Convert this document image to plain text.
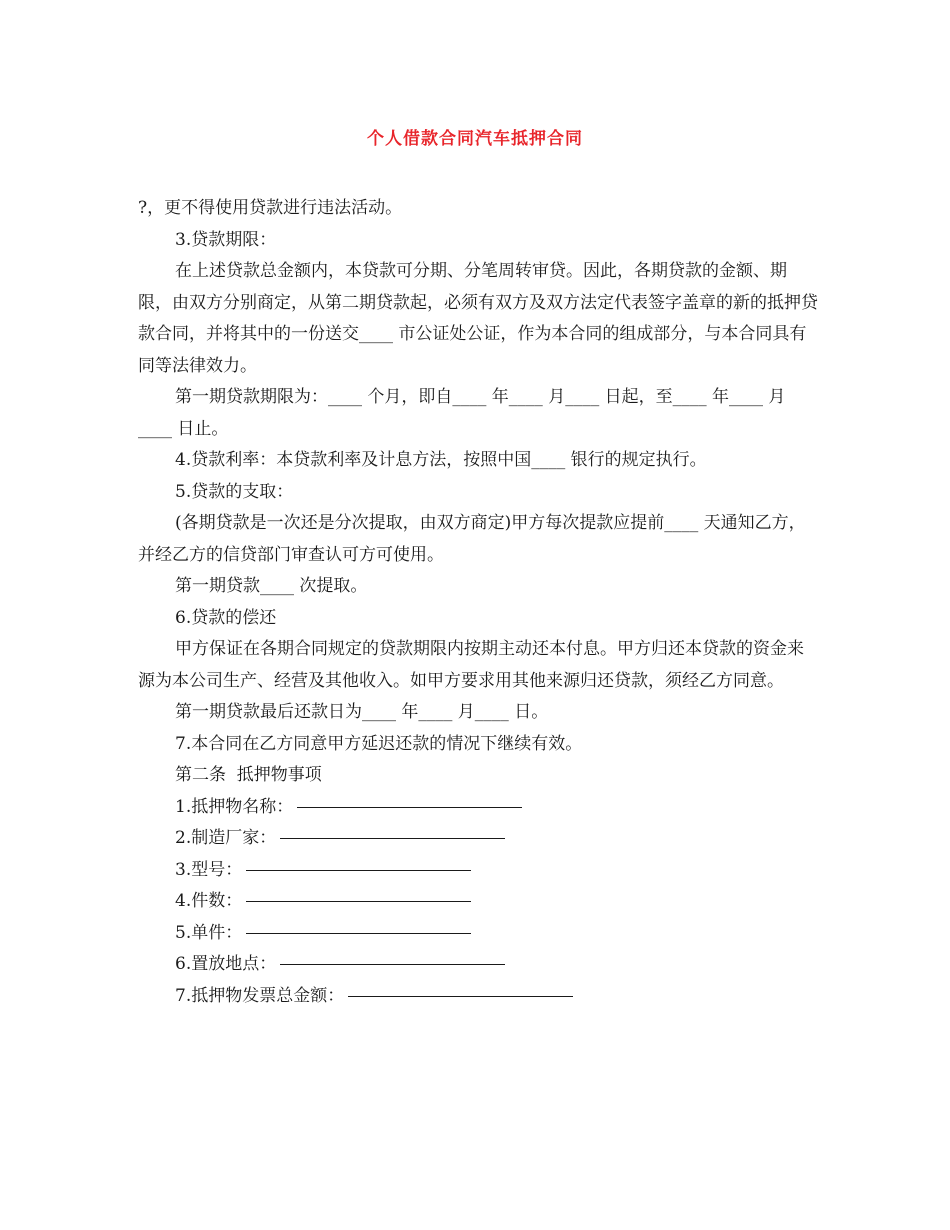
个人借款合同汽车抵押合同

?，更不得使用贷款进行违法活动。

3.贷款期限：

在上述贷款总金额内，本贷款可分期、分笔周转审贷。因此，各期贷款的金额、期限，由双方分别商定，从第二期贷款起，必须有双方及双方法定代表签字盖章的新的抵押贷款合同，并将其中的一份送交____ 市公证处公证，作为本合同的组成部分，与本合同具有同等法律效力。

第一期贷款期限为：____ 个月，即自____ 年____ 月____ 日起，至____ 年____ 月____ 日止。

4.贷款利率：本贷款利率及计息方法，按照中国____ 银行的规定执行。

5.贷款的支取：

(各期贷款是一次还是分次提取，由双方商定)甲方每次提款应提前____ 天通知乙方，并经乙方的信贷部门审查认可方可使用。

第一期贷款____ 次提取。

6.贷款的偿还

甲方保证在各期合同规定的贷款期限内按期主动还本付息。甲方归还本贷款的资金来源为本公司生产、经营及其他收入。如甲方要求用其他来源归还贷款，须经乙方同意。

第一期贷款最后还款日为____ 年____ 月____ 日。

7.本合同在乙方同意甲方延迟还款的情况下继续有效。

第二条  抵押物事项

1.抵押物名称：

2.制造厂家：

3.型号：

4.件数：

5.单件：

6.置放地点：

7.抵押物发票总金额：
